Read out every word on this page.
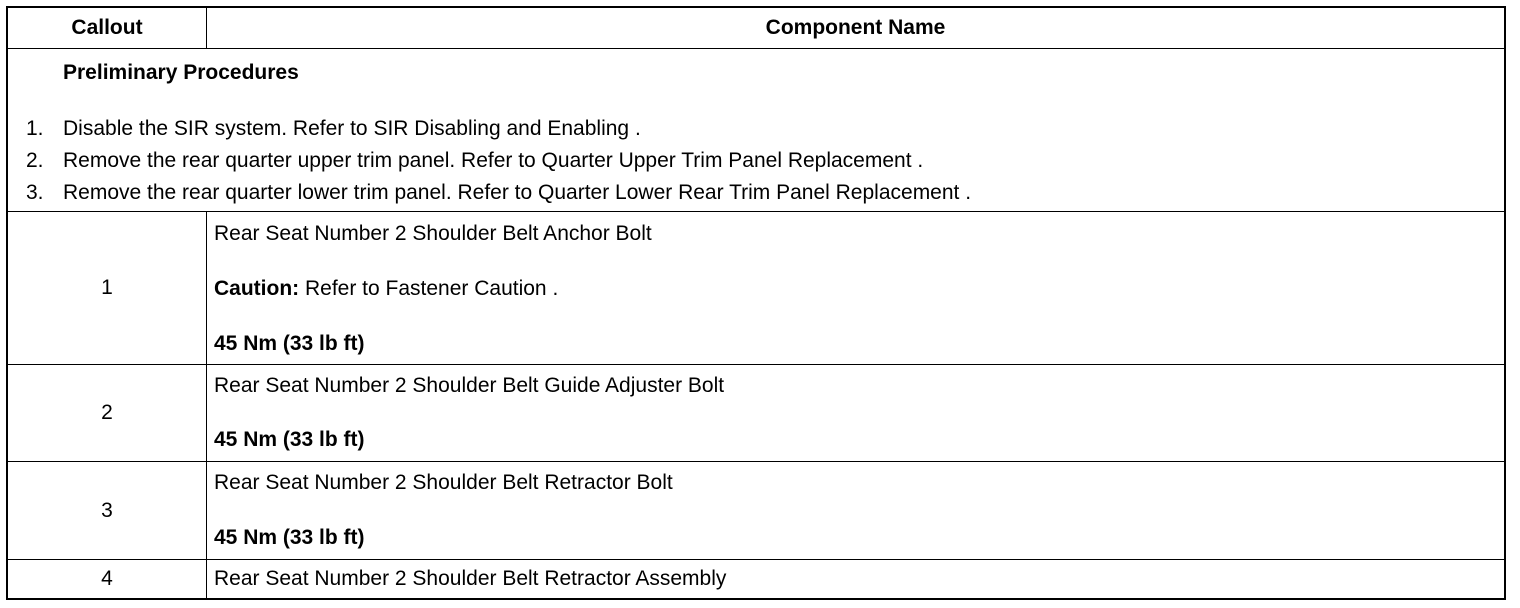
Callout	Component Name
Preliminary Procedures
1. Disable the SIR system. Refer to SIR Disabling and Enabling .
2. Remove the rear quarter upper trim panel. Refer to Quarter Upper Trim Panel Replacement .
3. Remove the rear quarter lower trim panel. Refer to Quarter Lower Rear Trim Panel Replacement .
1
Rear Seat Number 2 Shoulder Belt Anchor Bolt
Caution: Refer to Fastener Caution .
45 Nm (33 lb ft)
2
Rear Seat Number 2 Shoulder Belt Guide Adjuster Bolt
45 Nm (33 lb ft)
3
Rear Seat Number 2 Shoulder Belt Retractor Bolt
45 Nm (33 lb ft)
4	Rear Seat Number 2 Shoulder Belt Retractor Assembly
